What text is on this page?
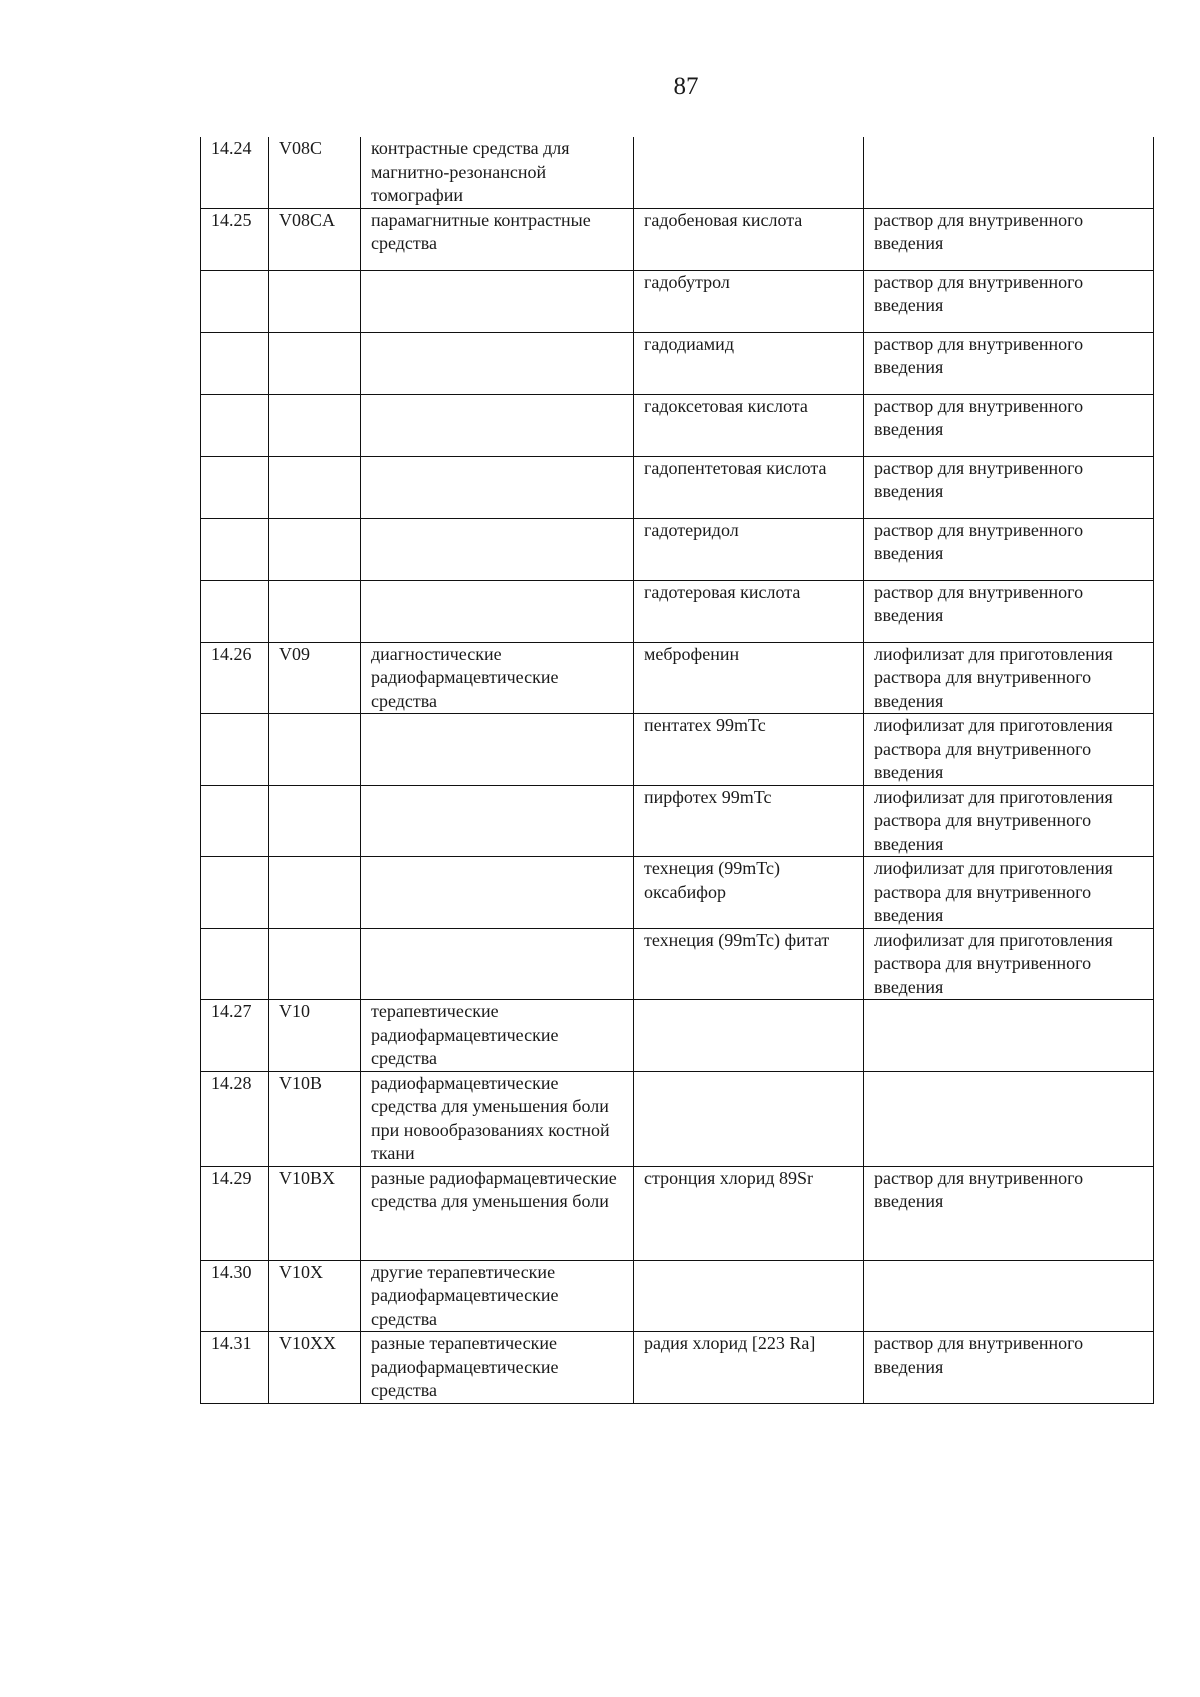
87
14.24	V08C	контрастные средства для магнитно-резонансной томографии		
14.25	V08CA	парамагнитные контрастные средства	гадобеновая кислота	раствор для внутривенного введения
			гадобутрол	раствор для внутривенного введения
			гадодиамид	раствор для внутривенного введения
			гадоксетовая кислота	раствор для внутривенного введения
			гадопентетовая кислота	раствор для внутривенного введения
			гадотеридол	раствор для внутривенного введения
			гадотеровая кислота	раствор для внутривенного введения
14.26	V09	диагностические радиофармацевтические средства	меброфенин	лиофилизат для приготовления раствора для внутривенного введения
			пентатех 99mTc	лиофилизат для приготовления раствора для внутривенного введения
			пирфотех 99mTc	лиофилизат для приготовления раствора для внутривенного введения
			технеция (99mTc) оксабифор	лиофилизат для приготовления раствора для внутривенного введения
			технеция (99mTc) фитат	лиофилизат для приготовления раствора для внутривенного введения
14.27	V10	терапевтические радиофармацевтические средства		
14.28	V10B	радиофармацевтические средства для уменьшения боли при новообразованиях костной ткани		
14.29	V10BX	разные радиофармацевтические средства для уменьшения боли	стронция хлорид 89Sr	раствор для внутривенного введения
14.30	V10X	другие терапевтические радиофармацевтические средства		
14.31	V10XX	разные терапевтические радиофармацевтические средства	радия хлорид [223 Ra]	раствор для внутривенного введения
